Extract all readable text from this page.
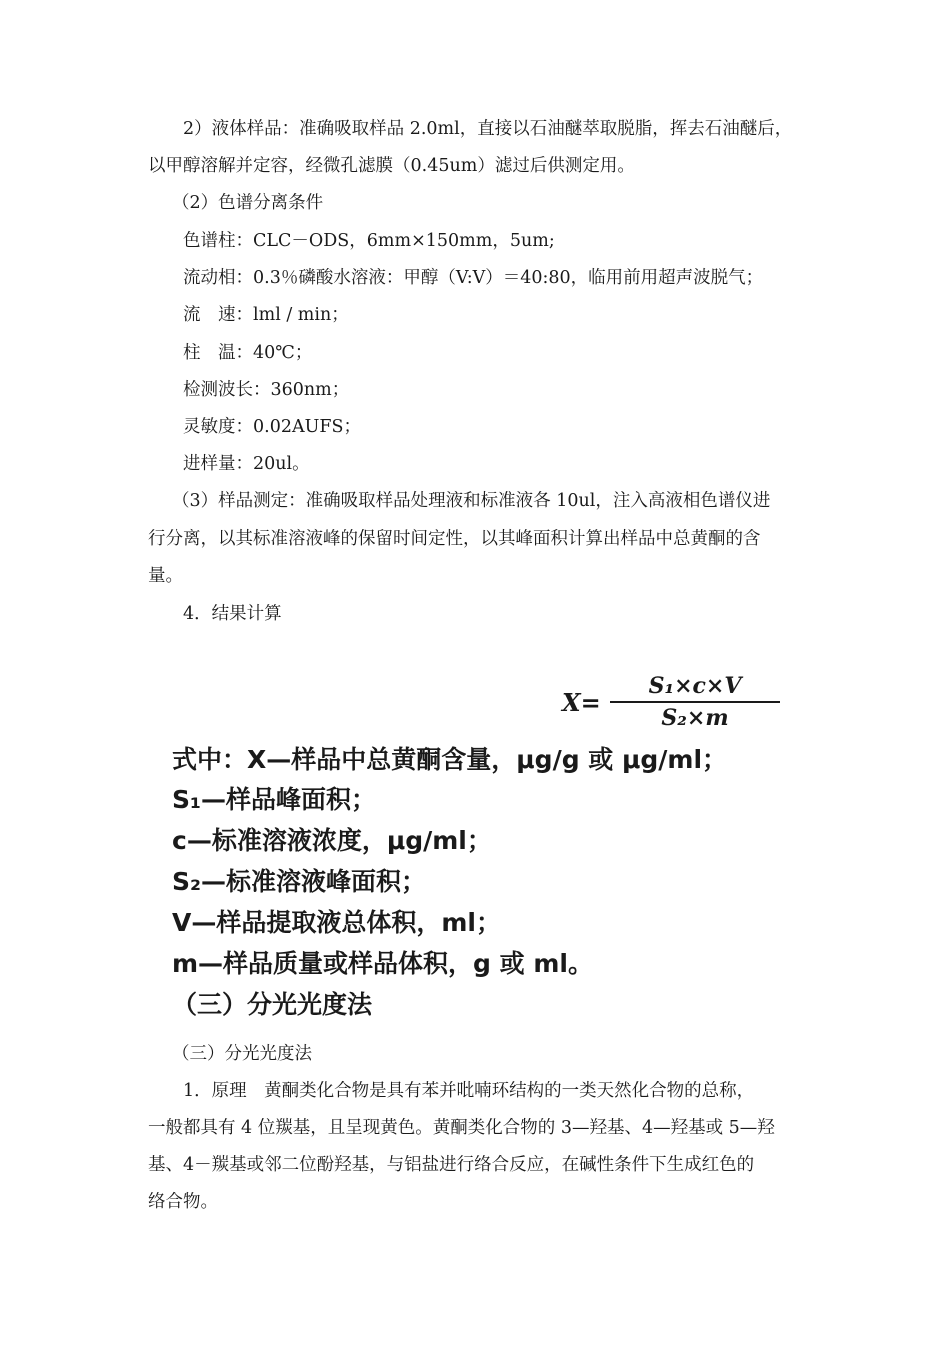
2）液体样品：准确吸取样品 2.0ml，直接以石油醚萃取脱脂，挥去石油醚后，
以甲醇溶解并定容，经微孔滤膜（0.45um）滤过后供测定用。
（2）色谱分离条件
色谱柱：CLC－ODS，6mm×150mm，5um;
流动相：0.3％磷酸水溶液：甲醇（V:V）＝40:80，临用前用超声波脱气；
流　速：lml / min；
柱　温：40℃；
检测波长：360nm；
灵敏度：0.02AUFS；
进样量：20ul。
（3）样品测定：准确吸取样品处理液和标准液各 10ul，注入高液相色谱仪进
行分离，以其标准溶液峰的保留时间定性，以其峰面积计算出样品中总黄酮的含
量。
4．结果计算
X=
S₁×c×V
S₂×m
式中：X—样品中总黄酮含量，μg/g 或 μg/ml；
S₁—样品峰面积；
c—标准溶液浓度，μg/ml；
S₂—标准溶液峰面积；
V—样品提取液总体积，ml；
m—样品质量或样品体积，g 或 ml。
（三）分光光度法
（三）分光光度法
1．原理　黄酮类化合物是具有苯并吡喃环结构的一类天然化合物的总称，
一般都具有 4 位羰基，且呈现黄色。黄酮类化合物的 3—羟基、4—羟基或 5—羟
基、4－羰基或邻二位酚羟基，与铝盐进行络合反应，在碱性条件下生成红色的
络合物。
